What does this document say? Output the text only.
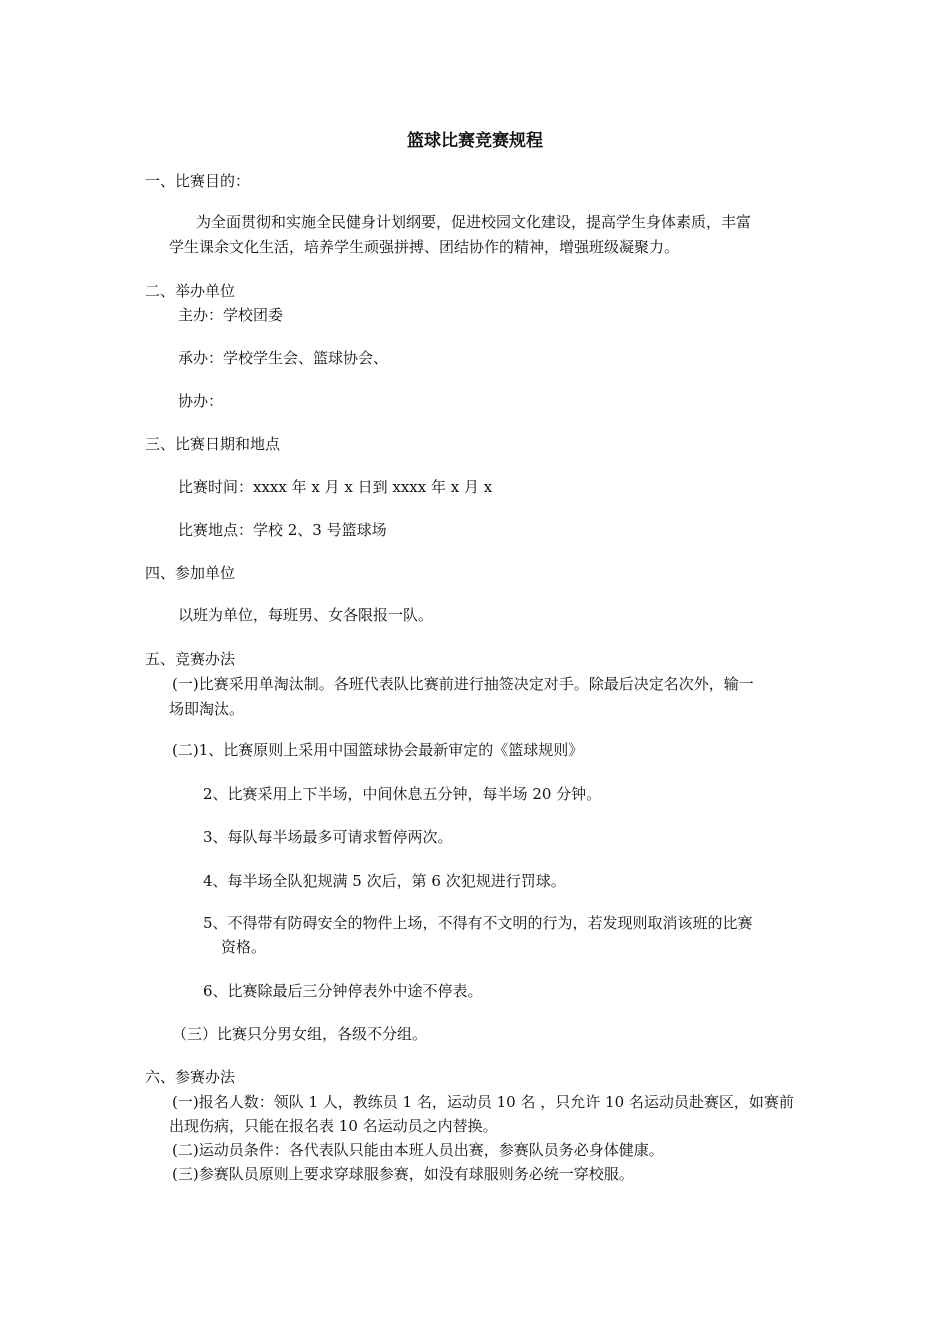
篮球比赛竞赛规程
一、比赛目的：
为全面贯彻和实施全民健身计划纲要，促进校园文化建设，提高学生身体素质，丰富
学生课余文化生活，培养学生顽强拼搏、团结协作的精神，增强班级凝聚力。
二、举办单位
主办：学校团委
承办：学校学生会、篮球协会、
协办：
三、比赛日期和地点
比赛时间：xxxx 年 x 月 x 日到 xxxx 年 x 月 x
比赛地点：学校 2、3 号篮球场
四、参加单位
以班为单位，每班男、女各限报一队。
五、竞赛办法
(一)比赛采用单淘汰制。各班代表队比赛前进行抽签决定对手。除最后决定名次外，输一
场即淘汰。
(二)1、比赛原则上采用中国篮球协会最新审定的《篮球规则》
2、比赛采用上下半场，中间休息五分钟，每半场 20 分钟。
3、每队每半场最多可请求暂停两次。
4、每半场全队犯规满 5 次后，第 6 次犯规进行罚球。
5、不得带有防碍安全的物件上场，不得有不文明的行为，若发现则取消该班的比赛
资格。
6、比赛除最后三分钟停表外中途不停表。
（三）比赛只分男女组，各级不分组。
六、参赛办法
(一)报名人数：领队 1 人，教练员 1 名，运动员 10 名 ，只允许 10 名运动员赴赛区，如赛前
出现伤病，只能在报名表 10 名运动员之内替换。
(二)运动员条件：各代表队只能由本班人员出赛，参赛队员务必身体健康。
(三)参赛队员原则上要求穿球服参赛，如没有球服则务必统一穿校服。
